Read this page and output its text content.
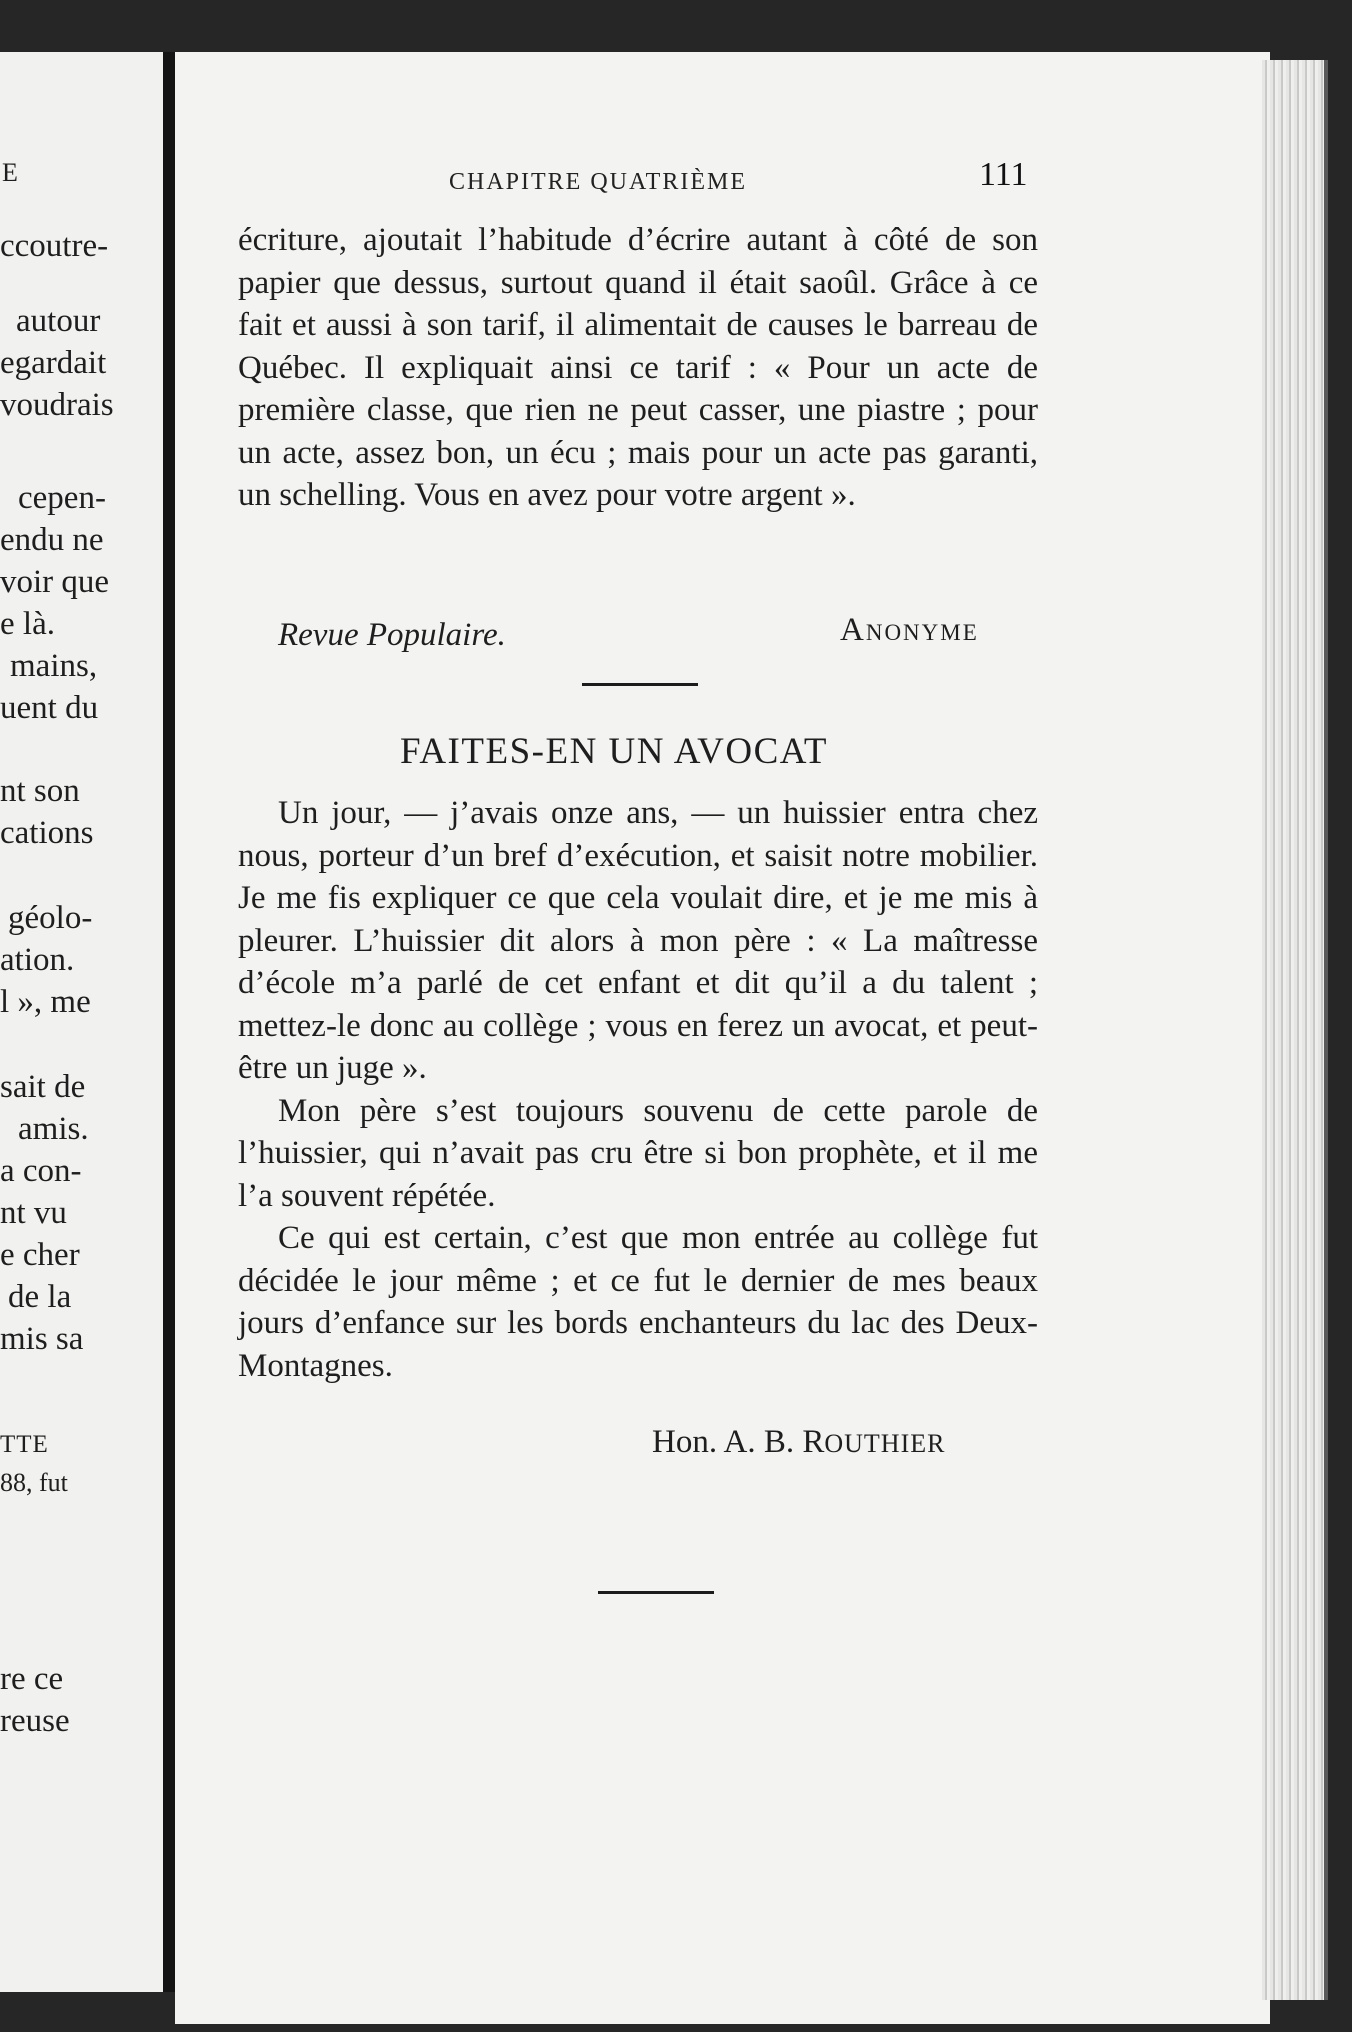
E
ccoutre-
autour
egardait
voudrais
cepen-
endu ne
voir que
e là.
mains,
uent du
nt son
cations
géolo-
ation.
l », me
sait de
amis.
a con-
nt vu
e cher
de la
mis sa
TTE
88, fut
re ce
reuse
CHAPITRE QUATRIÈME	111

écriture, ajoutait l’habitude d’écrire autant à côté de son papier que dessus, surtout quand il était saoûl. Grâce à ce fait et aussi à son tarif, il alimentait de causes le barreau de Québec. Il expliquait ainsi ce tarif : « Pour un acte de première classe, que rien ne peut casser, une piastre ; pour un acte, assez bon, un écu ; mais pour un acte pas garanti, un schelling. Vous en avez pour votre argent ».

Revue Populaire.	Anonyme
FAITES-EN UN AVOCAT

Un jour, — j’avais onze ans, — un huissier entra chez nous, porteur d’un bref d’exécution, et saisit notre mobilier. Je me fis expliquer ce que cela voulait dire, et je me mis à pleurer. L’huissier dit alors à mon père : « La maîtresse d’école m’a parlé de cet enfant et dit qu’il a du talent ; mettez-le donc au collège ; vous en ferez un avocat, et peut-être un juge ».

Mon père s’est toujours souvenu de cette parole de l’huissier, qui n’avait pas cru être si bon prophète, et il me l’a souvent répétée.

Ce qui est certain, c’est que mon entrée au collège fut décidée le jour même ; et ce fut le dernier de mes beaux jours d’enfance sur les bords enchanteurs du lac des Deux-Montagnes.

Hon. A. B. ROUTHIER
